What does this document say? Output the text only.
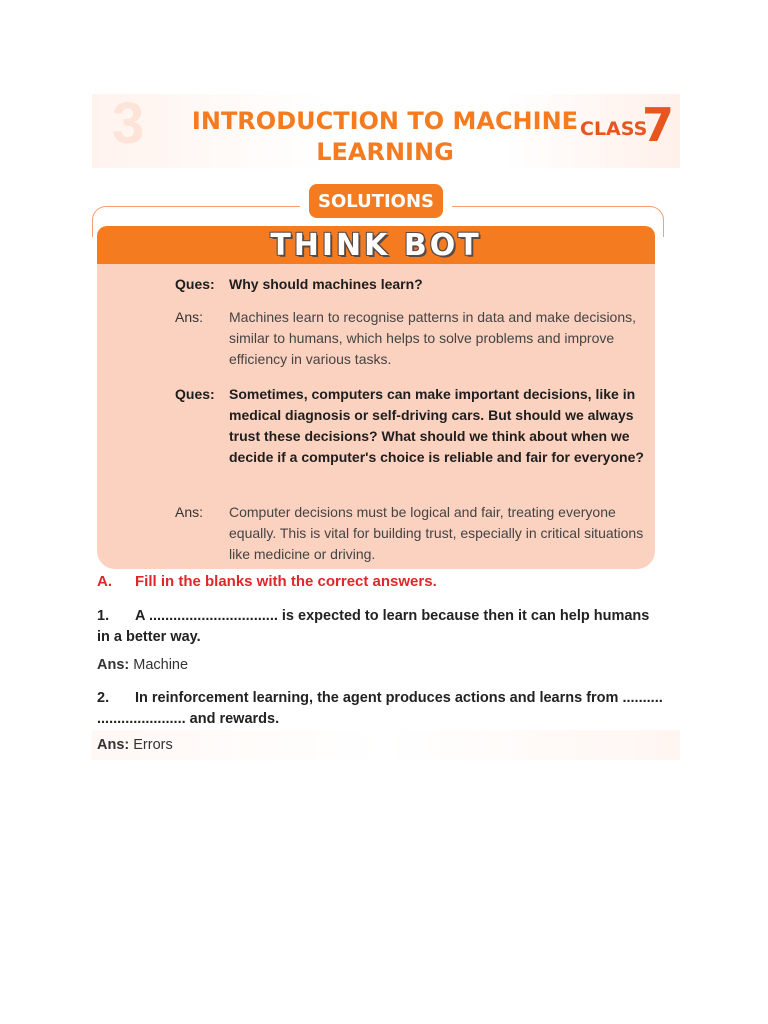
3 INTRODUCTION TO MACHINE
LEARNING
CLASS
7
SOLUTIONS
THINK BOT
Ques:	Why should machines learn?
Ans:	Machines learn to recognise patterns in data and make decisions, similar to humans, which helps to solve problems and improve efficiency in various tasks.
Ques:	Sometimes, computers can make important decisions, like in medical diagnosis or self-driving cars. But should we always trust these decisions? What should we think about when we decide if a computer's choice is reliable and fair for everyone?
Ans:	Computer decisions must be logical and fair, treating everyone equally. This is vital for building trust, especially in critical situations like medicine or driving.
A. Fill in the blanks with the correct answers.
1. A ................................ is expected to learn because then it can help humans
in a better way.
Ans: Machine
2. In reinforcement learning, the agent produces actions and learns from ..........
...................... and rewards.
Ans: Errors
